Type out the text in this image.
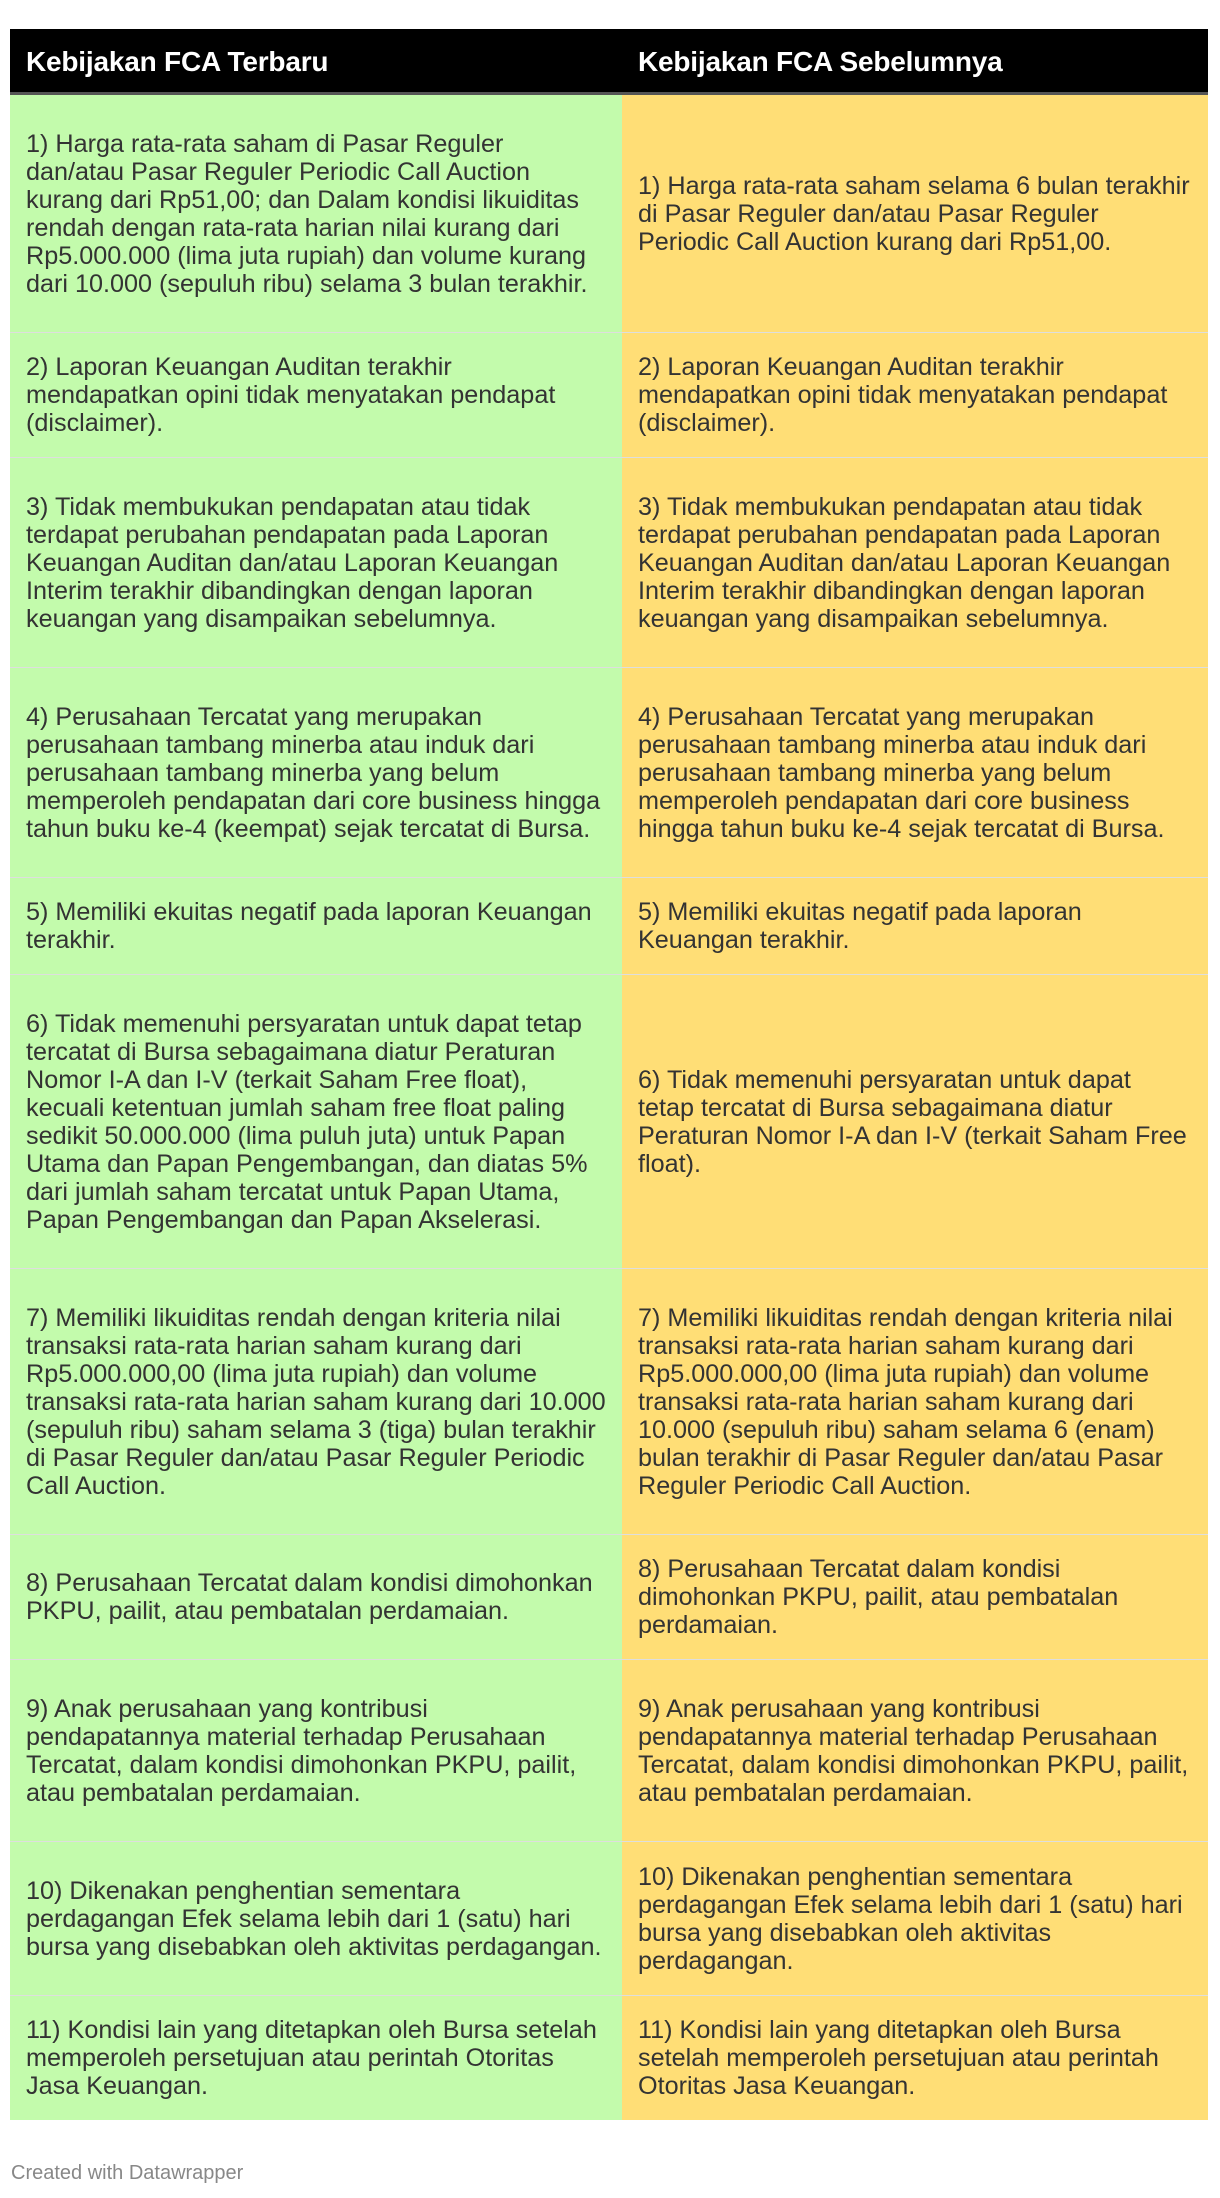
Kebijakan FCA Terbaru	Kebijakan FCA Sebelumnya
1) Harga rata-rata saham di Pasar Reguler dan/atau Pasar Reguler Periodic Call Auction kurang dari Rp51,00; dan Dalam kondisi likuiditas rendah dengan rata-rata harian nilai kurang dari Rp5.000.000 (lima juta rupiah) dan volume kurang dari 10.000 (sepuluh ribu) selama 3 bulan terakhir.
1) Harga rata-rata saham selama 6 bulan terakhir di Pasar Reguler dan/atau Pasar Reguler Periodic Call Auction kurang dari Rp51,00.
2) Laporan Keuangan Auditan terakhir mendapatkan opini tidak menyatakan pendapat (disclaimer).
2) Laporan Keuangan Auditan terakhir mendapatkan opini tidak menyatakan pendapat (disclaimer).
3) Tidak membukukan pendapatan atau tidak terdapat perubahan pendapatan pada Laporan Keuangan Auditan dan/atau Laporan Keuangan Interim terakhir dibandingkan dengan laporan keuangan yang disampaikan sebelumnya.
3) Tidak membukukan pendapatan atau tidak terdapat perubahan pendapatan pada Laporan Keuangan Auditan dan/atau Laporan Keuangan Interim terakhir dibandingkan dengan laporan keuangan yang disampaikan sebelumnya.
4) Perusahaan Tercatat yang merupakan perusahaan tambang minerba atau induk dari perusahaan tambang minerba yang belum memperoleh pendapatan dari core business hingga tahun buku ke-4 (keempat) sejak tercatat di Bursa.
4) Perusahaan Tercatat yang merupakan perusahaan tambang minerba atau induk dari perusahaan tambang minerba yang belum memperoleh pendapatan dari core business hingga tahun buku ke-4 sejak tercatat di Bursa.
5) Memiliki ekuitas negatif pada laporan Keuangan terakhir.
5) Memiliki ekuitas negatif pada laporan Keuangan terakhir.
6) Tidak memenuhi persyaratan untuk dapat tetap tercatat di Bursa sebagaimana diatur Peraturan Nomor I-A dan I-V (terkait Saham Free float), kecuali ketentuan jumlah saham free float paling sedikit 50.000.000 (lima puluh juta) untuk Papan Utama dan Papan Pengembangan, dan diatas 5% dari jumlah saham tercatat untuk Papan Utama, Papan Pengembangan dan Papan Akselerasi.
6) Tidak memenuhi persyaratan untuk dapat tetap tercatat di Bursa sebagaimana diatur Peraturan Nomor I-A dan I-V (terkait Saham Free float).
7) Memiliki likuiditas rendah dengan kriteria nilai transaksi rata-rata harian saham kurang dari Rp5.000.000,00 (lima juta rupiah) dan volume transaksi rata-rata harian saham kurang dari 10.000 (sepuluh ribu) saham selama 3 (tiga) bulan terakhir di Pasar Reguler dan/atau Pasar Reguler Periodic Call Auction.
7) Memiliki likuiditas rendah dengan kriteria nilai transaksi rata-rata harian saham kurang dari Rp5.000.000,00 (lima juta rupiah) dan volume transaksi rata-rata harian saham kurang dari 10.000 (sepuluh ribu) saham selama 6 (enam) bulan terakhir di Pasar Reguler dan/atau Pasar Reguler Periodic Call Auction.
8) Perusahaan Tercatat dalam kondisi dimohonkan PKPU, pailit, atau pembatalan perdamaian.
8) Perusahaan Tercatat dalam kondisi dimohonkan PKPU, pailit, atau pembatalan perdamaian.
9) Anak perusahaan yang kontribusi pendapatannya material terhadap Perusahaan Tercatat, dalam kondisi dimohonkan PKPU, pailit, atau pembatalan perdamaian.
9) Anak perusahaan yang kontribusi pendapatannya material terhadap Perusahaan Tercatat, dalam kondisi dimohonkan PKPU, pailit, atau pembatalan perdamaian.
10) Dikenakan penghentian sementara perdagangan Efek selama lebih dari 1 (satu) hari bursa yang disebabkan oleh aktivitas perdagangan.
10) Dikenakan penghentian sementara perdagangan Efek selama lebih dari 1 (satu) hari bursa yang disebabkan oleh aktivitas perdagangan.
11) Kondisi lain yang ditetapkan oleh Bursa setelah memperoleh persetujuan atau perintah Otoritas Jasa Keuangan.
11) Kondisi lain yang ditetapkan oleh Bursa setelah memperoleh persetujuan atau perintah Otoritas Jasa Keuangan.
Created with Datawrapper
